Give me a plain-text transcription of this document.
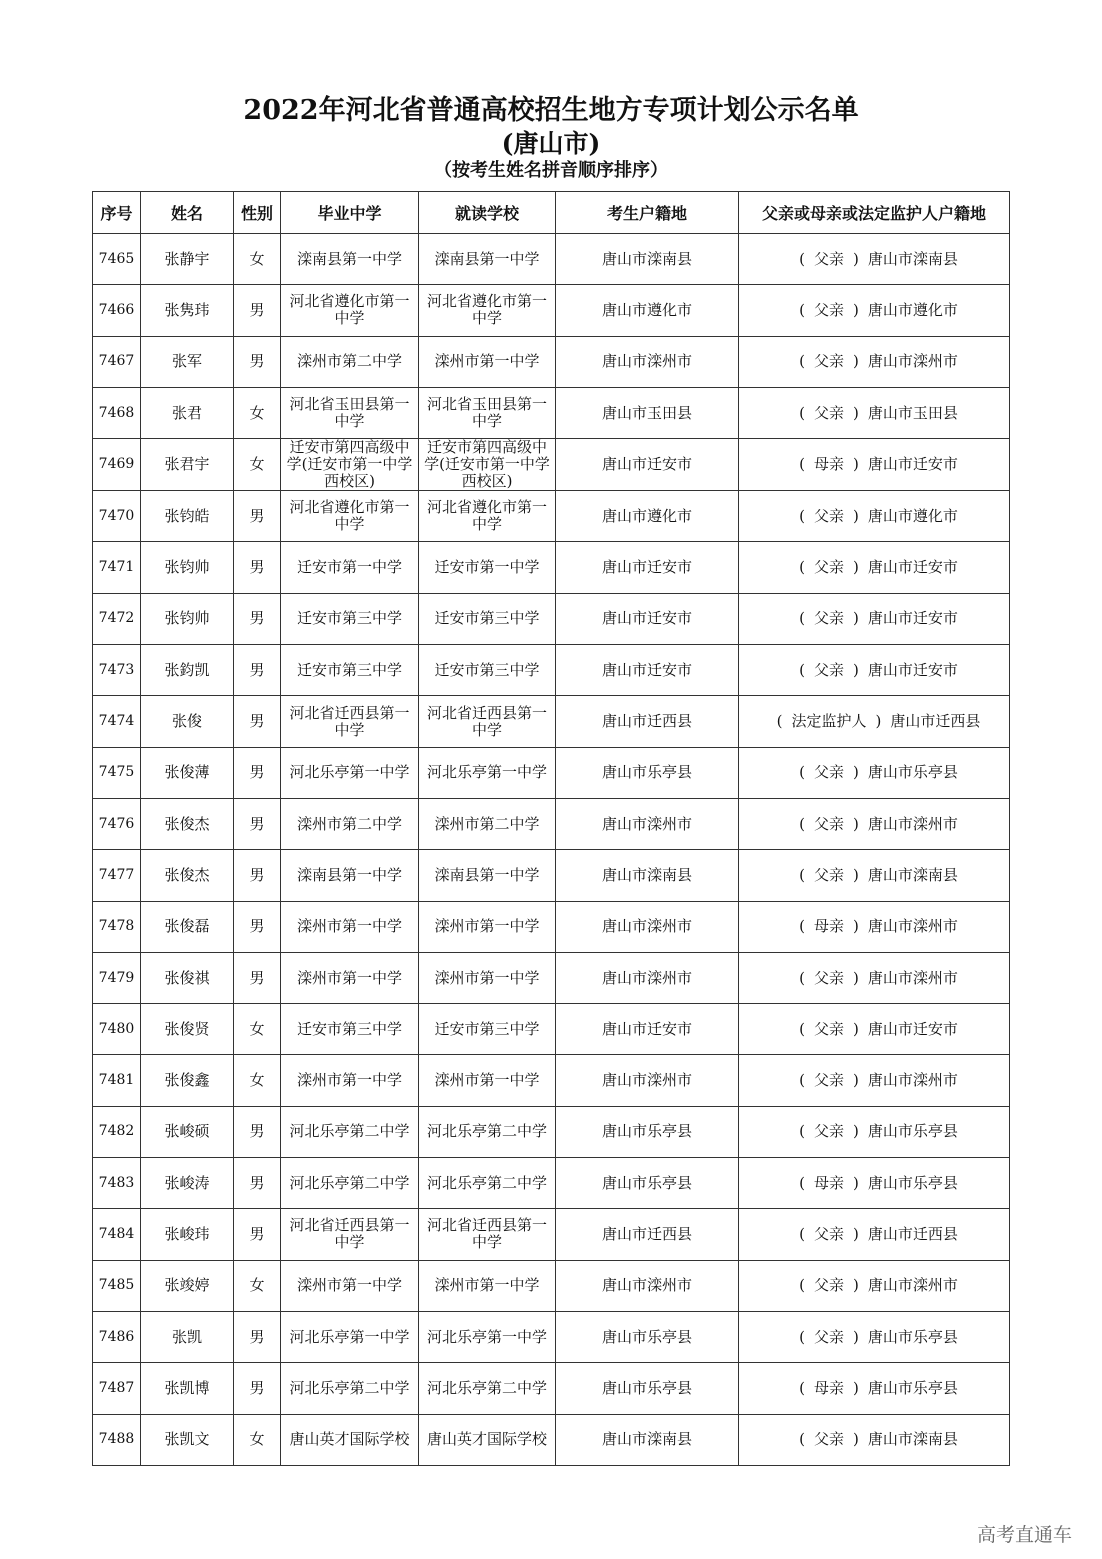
2022年河北省普通高校招生地方专项计划公示名单
(唐山市)
（按考生姓名拼音顺序排序）
序号	姓名	性别	毕业中学	就读学校	考生户籍地	父亲或母亲或法定监护人户籍地
7465	张静宇	女	滦南县第一中学	滦南县第一中学	唐山市滦南县	( 父亲 ) 唐山市滦南县
7466	张隽玮	男	河北省遵化市第一中学	河北省遵化市第一中学	唐山市遵化市	( 父亲 ) 唐山市遵化市
7467	张军	男	滦州市第二中学	滦州市第一中学	唐山市滦州市	( 父亲 ) 唐山市滦州市
7468	张君	女	河北省玉田县第一中学	河北省玉田县第一中学	唐山市玉田县	( 父亲 ) 唐山市玉田县
7469	张君宇	女	迁安市第四高级中学(迁安市第一中学西校区)	迁安市第四高级中学(迁安市第一中学西校区)	唐山市迁安市	( 母亲 ) 唐山市迁安市
7470	张钧皓	男	河北省遵化市第一中学	河北省遵化市第一中学	唐山市遵化市	( 父亲 ) 唐山市遵化市
7471	张钧帅	男	迁安市第一中学	迁安市第一中学	唐山市迁安市	( 父亲 ) 唐山市迁安市
7472	张钧帅	男	迁安市第三中学	迁安市第三中学	唐山市迁安市	( 父亲 ) 唐山市迁安市
7473	张鈞凯	男	迁安市第三中学	迁安市第三中学	唐山市迁安市	( 父亲 ) 唐山市迁安市
7474	张俊	男	河北省迁西县第一中学	河北省迁西县第一中学	唐山市迁西县	( 法定监护人 ) 唐山市迁西县
7475	张俊薄	男	河北乐亭第一中学	河北乐亭第一中学	唐山市乐亭县	( 父亲 ) 唐山市乐亭县
7476	张俊杰	男	滦州市第二中学	滦州市第二中学	唐山市滦州市	( 父亲 ) 唐山市滦州市
7477	张俊杰	男	滦南县第一中学	滦南县第一中学	唐山市滦南县	( 父亲 ) 唐山市滦南县
7478	张俊磊	男	滦州市第一中学	滦州市第一中学	唐山市滦州市	( 母亲 ) 唐山市滦州市
7479	张俊祺	男	滦州市第一中学	滦州市第一中学	唐山市滦州市	( 父亲 ) 唐山市滦州市
7480	张俊贤	女	迁安市第三中学	迁安市第三中学	唐山市迁安市	( 父亲 ) 唐山市迁安市
7481	张俊鑫	女	滦州市第一中学	滦州市第一中学	唐山市滦州市	( 父亲 ) 唐山市滦州市
7482	张峻硕	男	河北乐亭第二中学	河北乐亭第二中学	唐山市乐亭县	( 父亲 ) 唐山市乐亭县
7483	张峻涛	男	河北乐亭第二中学	河北乐亭第二中学	唐山市乐亭县	( 母亲 ) 唐山市乐亭县
7484	张峻玮	男	河北省迁西县第一中学	河北省迁西县第一中学	唐山市迁西县	( 父亲 ) 唐山市迁西县
7485	张竣婷	女	滦州市第一中学	滦州市第一中学	唐山市滦州市	( 父亲 ) 唐山市滦州市
7486	张凯	男	河北乐亭第一中学	河北乐亭第一中学	唐山市乐亭县	( 父亲 ) 唐山市乐亭县
7487	张凯博	男	河北乐亭第二中学	河北乐亭第二中学	唐山市乐亭县	( 母亲 ) 唐山市乐亭县
7488	张凯文	女	唐山英才国际学校	唐山英才国际学校	唐山市滦南县	( 父亲 ) 唐山市滦南县
高考直通车
